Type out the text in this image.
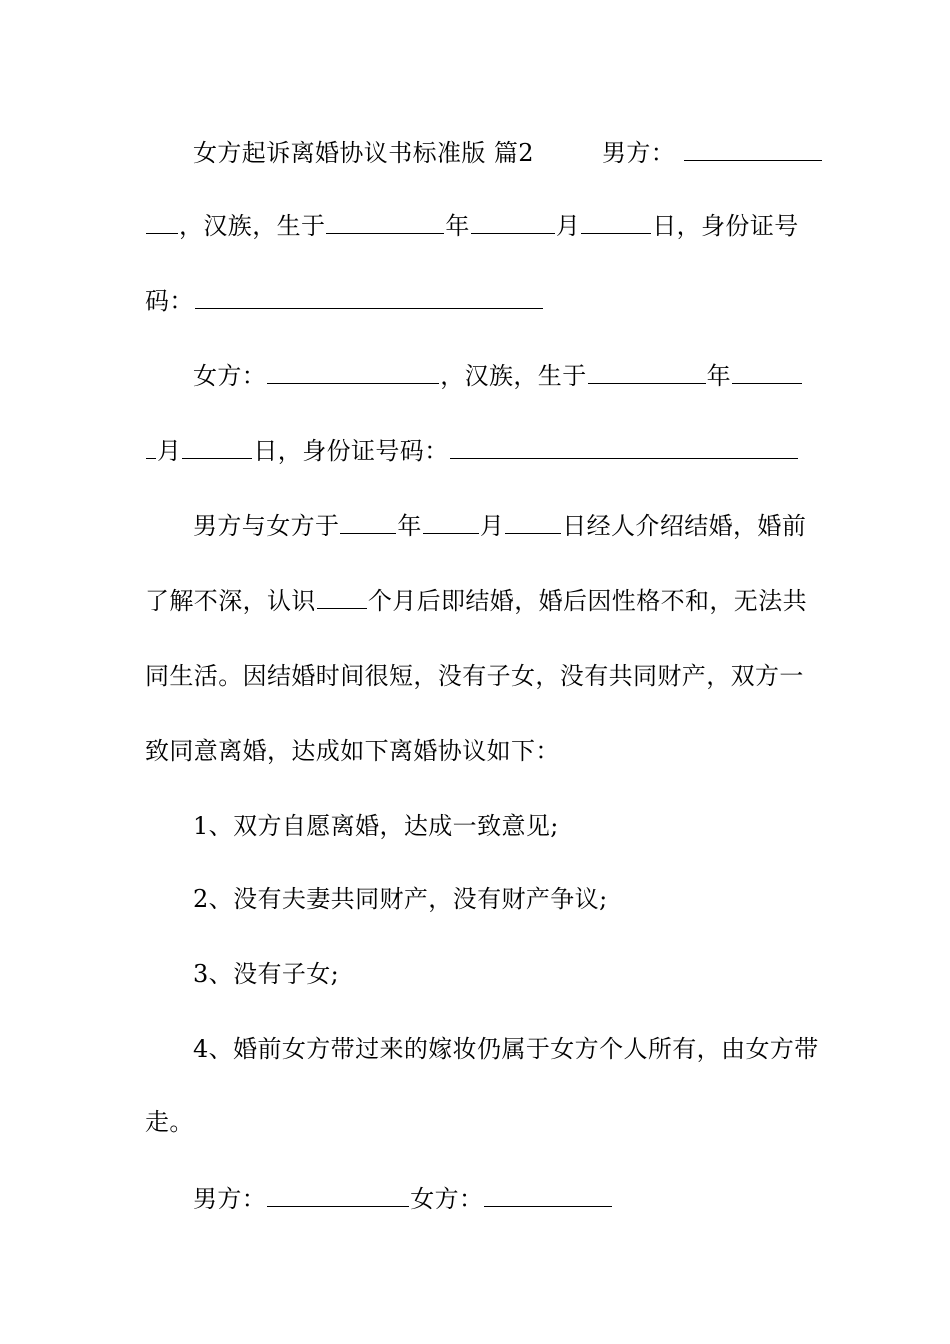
女方起诉离婚协议书标准版 篇2	男方：
，汉族，生于	年	月	日，身份证号
码：
女方：	，汉族，生于	年
月	日，身份证号码：
男方与女方于 年 月 日经人介绍结婚，婚前
了解不深，认识 个月后即结婚，婚后因性格不和，无法共
同生活。因结婚时间很短，没有子女，没有共同财产，双方一
致同意离婚，达成如下离婚协议如下：
1、双方自愿离婚，达成一致意见;
2、没有夫妻共同财产，没有财产争议;
3、没有子女;
4、婚前女方带过来的嫁妆仍属于女方个人所有，由女方带
走。
男方：	女方：
